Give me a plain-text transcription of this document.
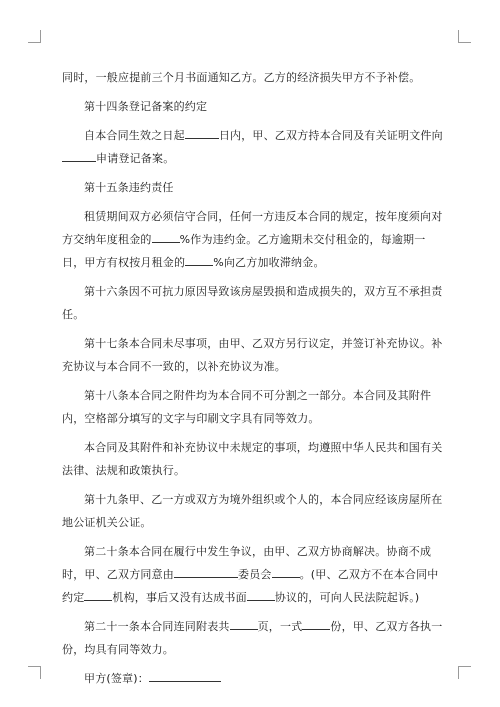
同时，一般应提前三个月书面通知乙方。乙方的经济损失甲方不予补偿。

第十四条登记备案的约定

自本合同生效之日起	日内，甲、乙双方持本合同及有关证明文件向申请登记备案。

第十五条违约责任

租赁期间双方必须信守合同，任何一方违反本合同的规定，按年度须向对方交纳年度租金的	%作为违约金。乙方逾期未交付租金的，每逾期一日，甲方有权按月租金的	%向乙方加收滞纳金。

第十六条因不可抗力原因导致该房屋毁损和造成损失的，双方互不承担责任。

第十七条本合同未尽事项，由甲、乙双方另行议定，并签订补充协议。补充协议与本合同不一致的，以补充协议为准。

第十八条本合同之附件均为本合同不可分割之一部分。本合同及其附件内，空格部分填写的文字与印刷文字具有同等效力。

本合同及其附件和补充协议中未规定的事项，均遵照中华人民共和国有关法律、法规和政策执行。

第十九条甲、乙一方或双方为境外组织或个人的，本合同应经该房屋所在地公证机关公证。

第二十条本合同在履行中发生争议，由甲、乙双方协商解决。协商不成时，甲、乙双方同意由	委员会	。(甲、乙双方不在本合同中约定	机构，事后又没有达成书面	协议的，可向人民法院起诉。)

第二十一条本合同连同附表共	页，一式	份，甲、乙双方各执一份，均具有同等效力。

甲方(签章)：
